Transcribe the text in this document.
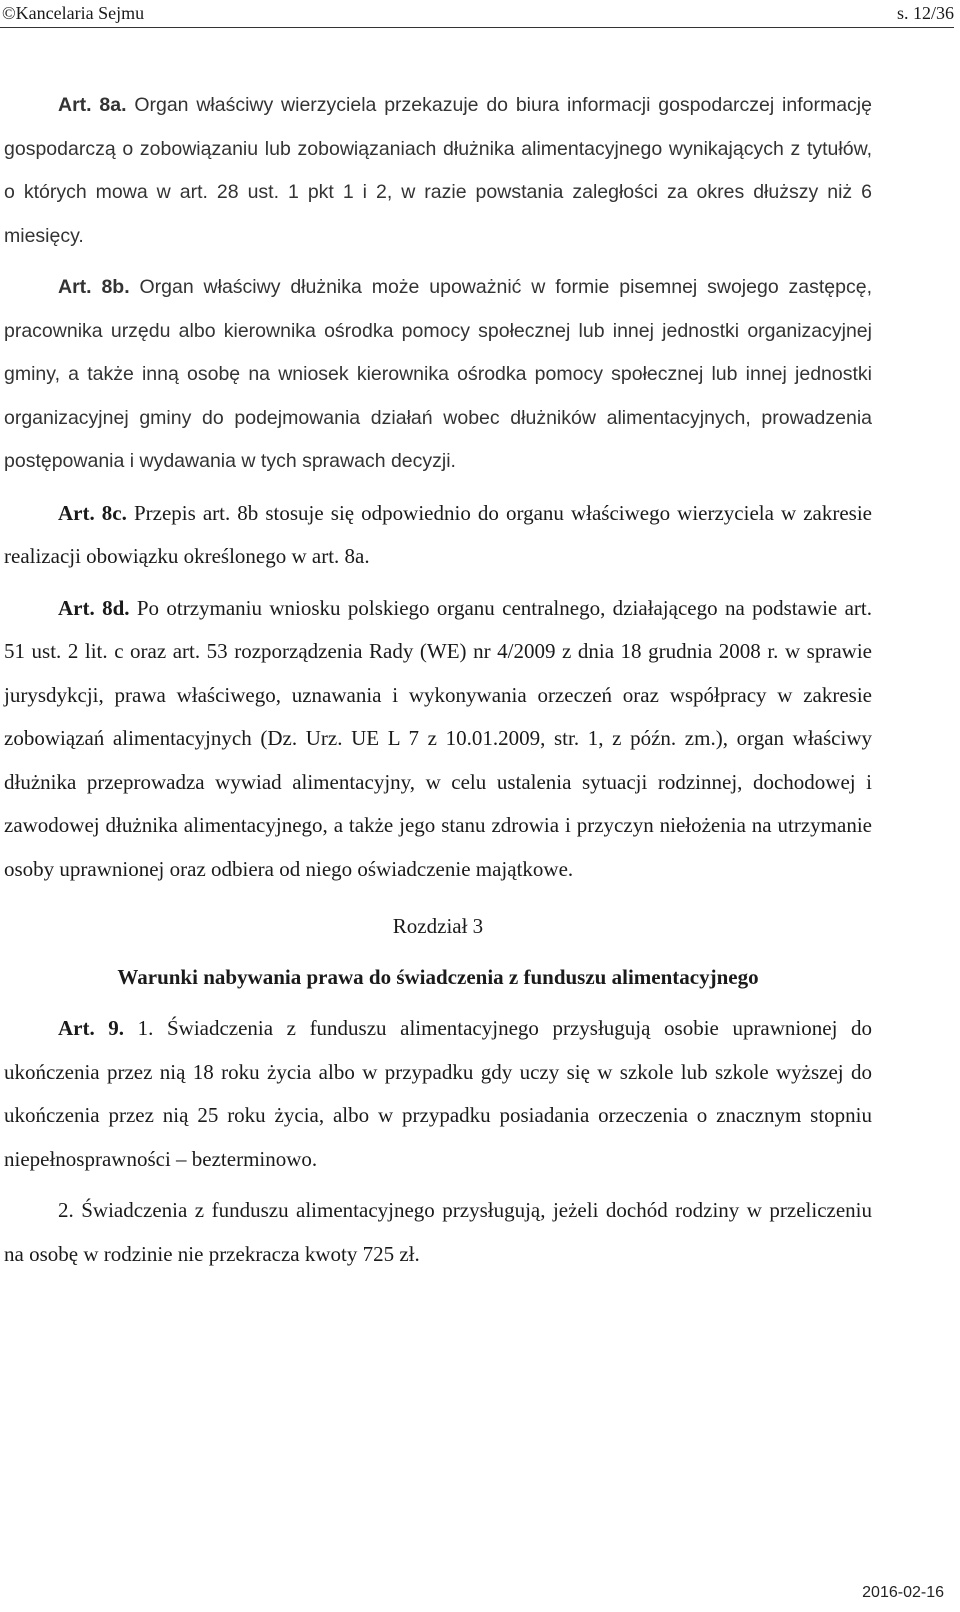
©Kancelaria Sejmu	s. 12/36

Art. 8a. Organ właściwy wierzyciela przekazuje do biura informacji gospodarczej informację gospodarczą o zobowiązaniu lub zobowiązaniach dłużnika alimentacyjnego wynikających z tytułów, o których mowa w art. 28 ust. 1 pkt 1 i 2, w razie powstania zaległości za okres dłuższy niż 6 miesięcy.

Art. 8b. Organ właściwy dłużnika może upoważnić w formie pisemnej swojego zastępcę, pracownika urzędu albo kierownika ośrodka pomocy społecznej lub innej jednostki organizacyjnej gminy, a także inną osobę na wniosek kierownika ośrodka pomocy społecznej lub innej jednostki organizacyjnej gminy do podejmowania działań wobec dłużników alimentacyjnych, prowadzenia postępowania i wydawania w tych sprawach decyzji.

Art. 8c. Przepis art. 8b stosuje się odpowiednio do organu właściwego wierzyciela w zakresie realizacji obowiązku określonego w art. 8a.

Art. 8d. Po otrzymaniu wniosku polskiego organu centralnego, działającego na podstawie art. 51 ust. 2 lit. c oraz art. 53 rozporządzenia Rady (WE) nr 4/2009 z dnia 18 grudnia 2008 r. w sprawie jurysdykcji, prawa właściwego, uznawania i wykonywania orzeczeń oraz współpracy w zakresie zobowiązań alimentacyjnych (Dz. Urz. UE L 7 z 10.01.2009, str. 1, z późn. zm.), organ właściwy dłużnika przeprowadza wywiad alimentacyjny, w celu ustalenia sytuacji rodzinnej, dochodowej i zawodowej dłużnika alimentacyjnego, a także jego stanu zdrowia i przyczyn niełożenia na utrzymanie osoby uprawnionej oraz odbiera od niego oświadczenie majątkowe.

Rozdział 3
Warunki nabywania prawa do świadczenia z funduszu alimentacyjnego

Art. 9. 1. Świadczenia z funduszu alimentacyjnego przysługują osobie uprawnionej do ukończenia przez nią 18 roku życia albo w przypadku gdy uczy się w szkole lub szkole wyższej do ukończenia przez nią 25 roku życia, albo w przypadku posiadania orzeczenia o znacznym stopniu niepełnosprawności – bezterminowo.

2. Świadczenia z funduszu alimentacyjnego przysługują, jeżeli dochód rodziny w przeliczeniu na osobę w rodzinie nie przekracza kwoty 725 zł.

2016-02-16
